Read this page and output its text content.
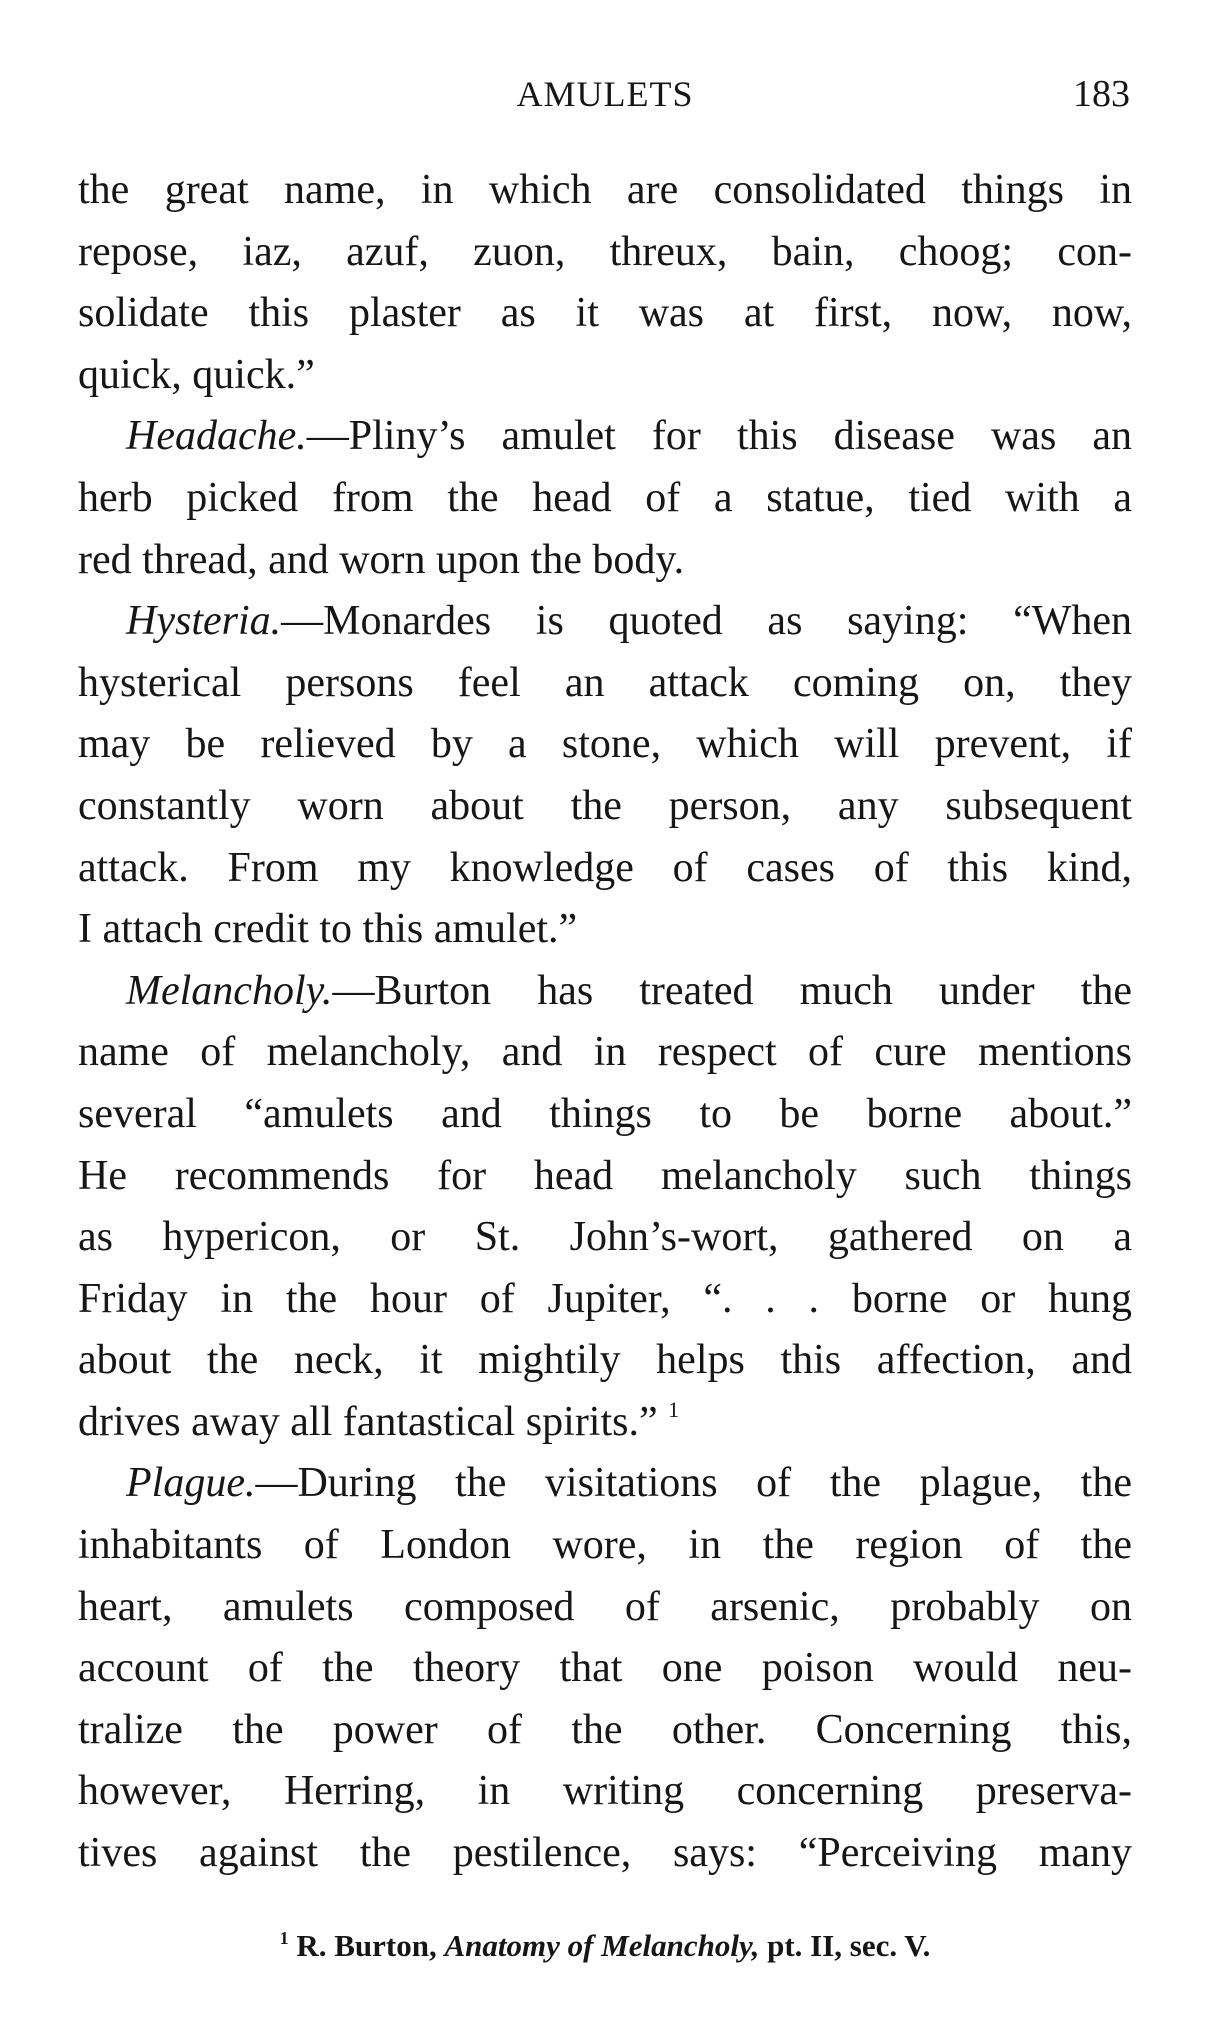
AMULETS	183
the great name, in which are consolidated things in
repose, iaz, azuf, zuon, threux, bain, choog; con-
solidate this plaster as it was at first, now, now,
quick, quick.”
Headache.—Pliny’s amulet for this disease was an
herb picked from the head of a statue, tied with a
red thread, and worn upon the body.
Hysteria.—Monardes is quoted as saying: “When
hysterical persons feel an attack coming on, they
may be relieved by a stone, which will prevent, if
constantly worn about the person, any subsequent
attack. From my knowledge of cases of this kind,
I attach credit to this amulet.”
Melancholy.—Burton has treated much under the
name of melancholy, and in respect of cure mentions
several “amulets and things to be borne about.”
He recommends for head melancholy such things
as hypericon, or St. John’s-wort, gathered on a
Friday in the hour of Jupiter, “. . . borne or hung
about the neck, it mightily helps this affection, and
drives away all fantastical spirits.” $^1$
Plague.—During the visitations of the plague, the
inhabitants of London wore, in the region of the
heart, amulets composed of arsenic, probably on
account of the theory that one poison would neu-
tralize the power of the other. Concerning this,
however, Herring, in writing concerning preserva-
tives against the pestilence, says: “Perceiving many
$^1$ R. Burton, Anatomy of Melancholy, pt. II, sec. V.
